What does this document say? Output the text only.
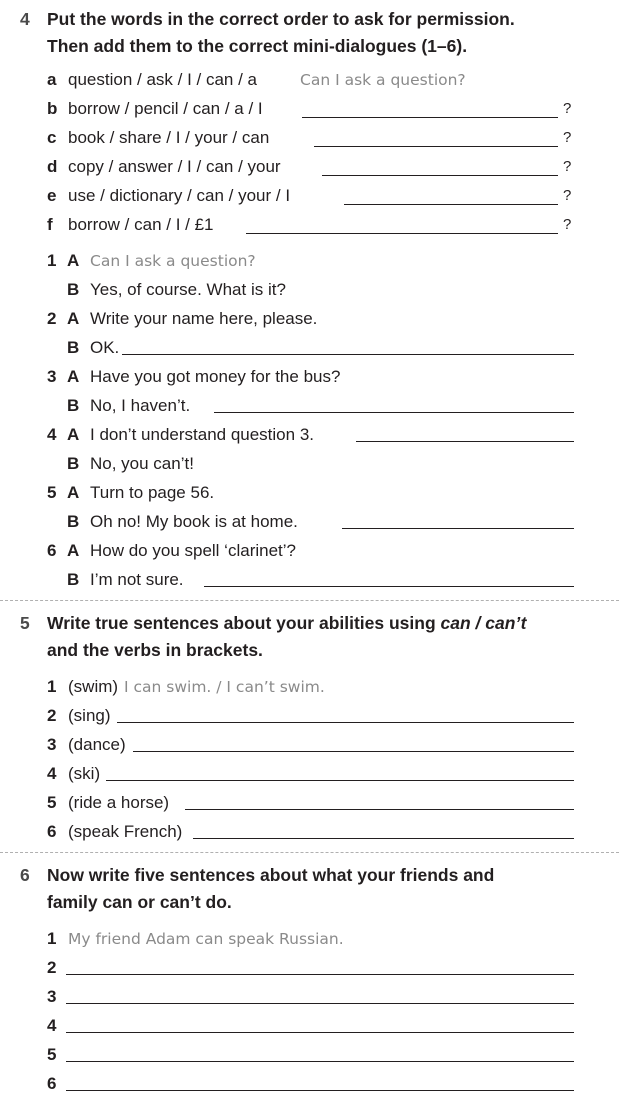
4 Put the words in the correct order to ask for permission.
Then add them to the correct mini-dialogues (1–6).
a question / ask / I / can / a	Can I ask a question?
b borrow / pencil / can / a / I	?
c book / share / I / your / can	?
d copy / answer / I / can / your	?
e use / dictionary / can / your / I	?
f borrow / can / I / £1	?
1 A Can I ask a question?
B Yes, of course. What is it?
2 A Write your name here, please.
B OK.
3 A Have you got money for the bus?
B No, I haven’t.
4 A I don’t understand question 3.
B No, you can’t!
5 A Turn to page 56.
B Oh no! My book is at home.
6 A How do you spell ‘clarinet’?
B I’m not sure.
5 Write true sentences about your abilities using can / can’t
and the verbs in brackets.
1 (swim) I can swim. / I can’t swim.
2 (sing)
3 (dance)
4 (ski)
5 (ride a horse)
6 (speak French)
6 Now write five sentences about what your friends and
family can or can’t do.
1 My friend Adam can speak Russian.
2
3
4
5
6
